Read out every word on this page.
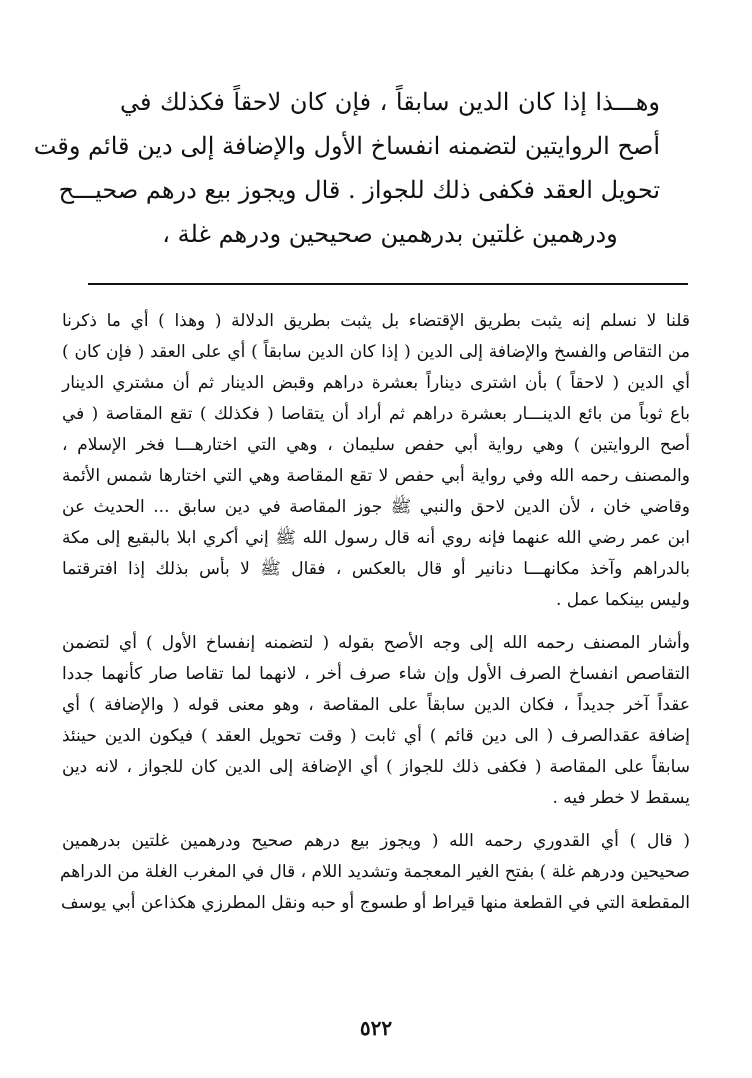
وهـــذا إذا كان الدين سابقاً ، فإن كان لاحقاً فكذلك في
أصح الروايتين لتضمنه انفساخ الأول والإضافة إلى دين قائم وقت
تحويل العقد فكفى ذلك للجواز . قال ويجوز بيع درهم صحيـــح
ودرهمين غلتين بدرهمين صحيحين ودرهم غلة ،
قلنا لا نسلم إنه يثبت بطريق الإقتضاء بل يثبت بطريق الدلالة ( وهذا ) أي ما ذكرنا
من التقاص والفسخ والإضافة إلى الدين ( إذا كان الدين سابقاً ) أي على العقد ( فإن كان )
أي الدين ( لاحقاً ) بأن اشترى ديناراً بعشرة دراهم وقبض الدينار ثم أن مشتري الدينار
باع ثوباً من بائع الدينـــار بعشرة دراهم ثم أراد أن يتقاصا ( فكذلك ) تقع المقاصة ( في
أصح الروايتين ) وهي رواية أبي حفص سليمان ، وهي التي اختارهـــا فخر الإسلام ،
والمصنف رحمه الله وفي رواية أبي حفص لا تقع المقاصة وهي التي اختارها شمس الأئمة
وقاضي خان ، لأن الدين لاحق والنبي ﷺ جوز المقاصة في دين سابق ... الحديث عن
ابن عمر رضي الله عنهما فإنه روي أنه قال رسول الله ﷺ إني أكري ابلا بالبقيع إلى مكة
بالدراهم وآخذ مكانهـــا دنانير أو قال بالعكس ، فقال ﷺ لا بأس بذلك إذا افترقتما
وليس بينكما عمل .
وأشار المصنف رحمه الله إلى وجه الأصح بقوله ( لتضمنه إنفساخ الأول ) أي لتضمن
التقاصص انفساخ الصرف الأول وإن شاء صرف أخر ، لانهما لما تقاصا صار كأنهما جددا
عقداً آخر جديداً ، فكان الدين سابقاً على المقاصة ، وهو معنى قوله ( والإضافة ) أي
إضافة عقدالصرف ( الى دين قائم ) أي ثابت ( وقت تحويل العقد ) فيكون الدين حينئذ
سابقاً على المقاصة ( فكفى ذلك للجواز ) أي الإضافة إلى الدين كان للجواز ، لانه دين
يسقط لا خطر فيه .
( قال ) أي القدوري رحمه الله ( ويجوز بيع درهم صحيح ودرهمين غلتين بدرهمين
صحيحين ودرهم غلة ) بفتح الغير المعجمة وتشديد اللام ، قال في المغرب الغلة من الدراهم
المقطعة التي في القطعة منها قيراط أو طسوج أو حبه ونقل المطرزي هكذاعن أبي يوسف
٥٢٢
